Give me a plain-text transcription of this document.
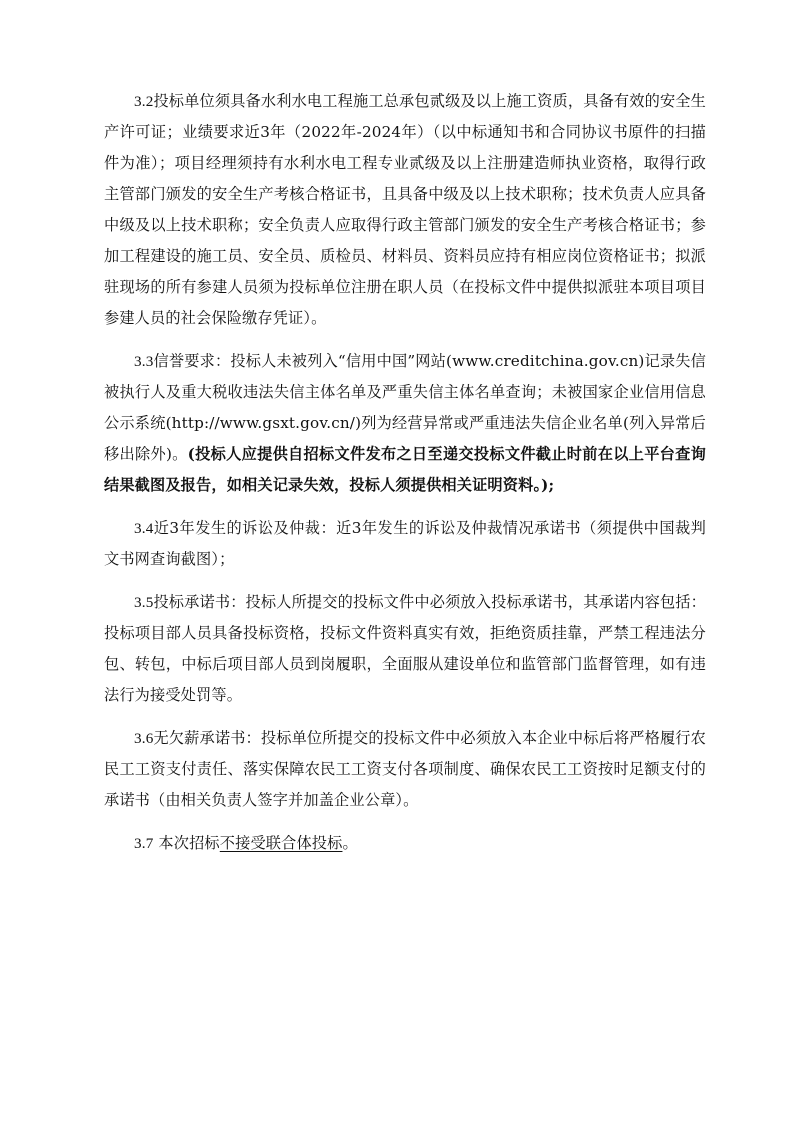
3.2投标单位须具备水利水电工程施工总承包贰级及以上施工资质，具备有效的安全生产许可证；业绩要求近3年（2022年-2024年）（以中标通知书和合同协议书原件的扫描件为准）；项目经理须持有水利水电工程专业贰级及以上注册建造师执业资格，取得行政主管部门颁发的安全生产考核合格证书，且具备中级及以上技术职称；技术负责人应具备中级及以上技术职称；安全负责人应取得行政主管部门颁发的安全生产考核合格证书；参加工程建设的施工员、安全员、质检员、材料员、资料员应持有相应岗位资格证书；拟派驻现场的所有参建人员须为投标单位注册在职人员（在投标文件中提供拟派驻本项目项目参建人员的社会保险缴存凭证）。

3.3信誉要求：投标人未被列入“信用中国”网站(www.creditchina.gov.cn)记录失信被执行人及重大税收违法失信主体名单及严重失信主体名单查询；未被国家企业信用信息公示系统(http://www.gsxt.gov.cn/)列为经营异常或严重违法失信企业名单(列入异常后移出除外)。(投标人应提供自招标文件发布之日至递交投标文件截止时前在以上平台查询结果截图及报告，如相关记录失效，投标人须提供相关证明资料。);

3.4近3年发生的诉讼及仲裁：近3年发生的诉讼及仲裁情况承诺书（须提供中国裁判文书网查询截图）；

3.5投标承诺书：投标人所提交的投标文件中必须放入投标承诺书，其承诺内容包括：投标项目部人员具备投标资格，投标文件资料真实有效，拒绝资质挂靠，严禁工程违法分包、转包，中标后项目部人员到岗履职，全面服从建设单位和监管部门监督管理，如有违法行为接受处罚等。

3.6无欠薪承诺书：投标单位所提交的投标文件中必须放入本企业中标后将严格履行农民工工资支付责任、落实保障农民工工资支付各项制度、确保农民工工资按时足额支付的承诺书（由相关负责人签字并加盖企业公章）。

3.7 本次招标不接受联合体投标。
